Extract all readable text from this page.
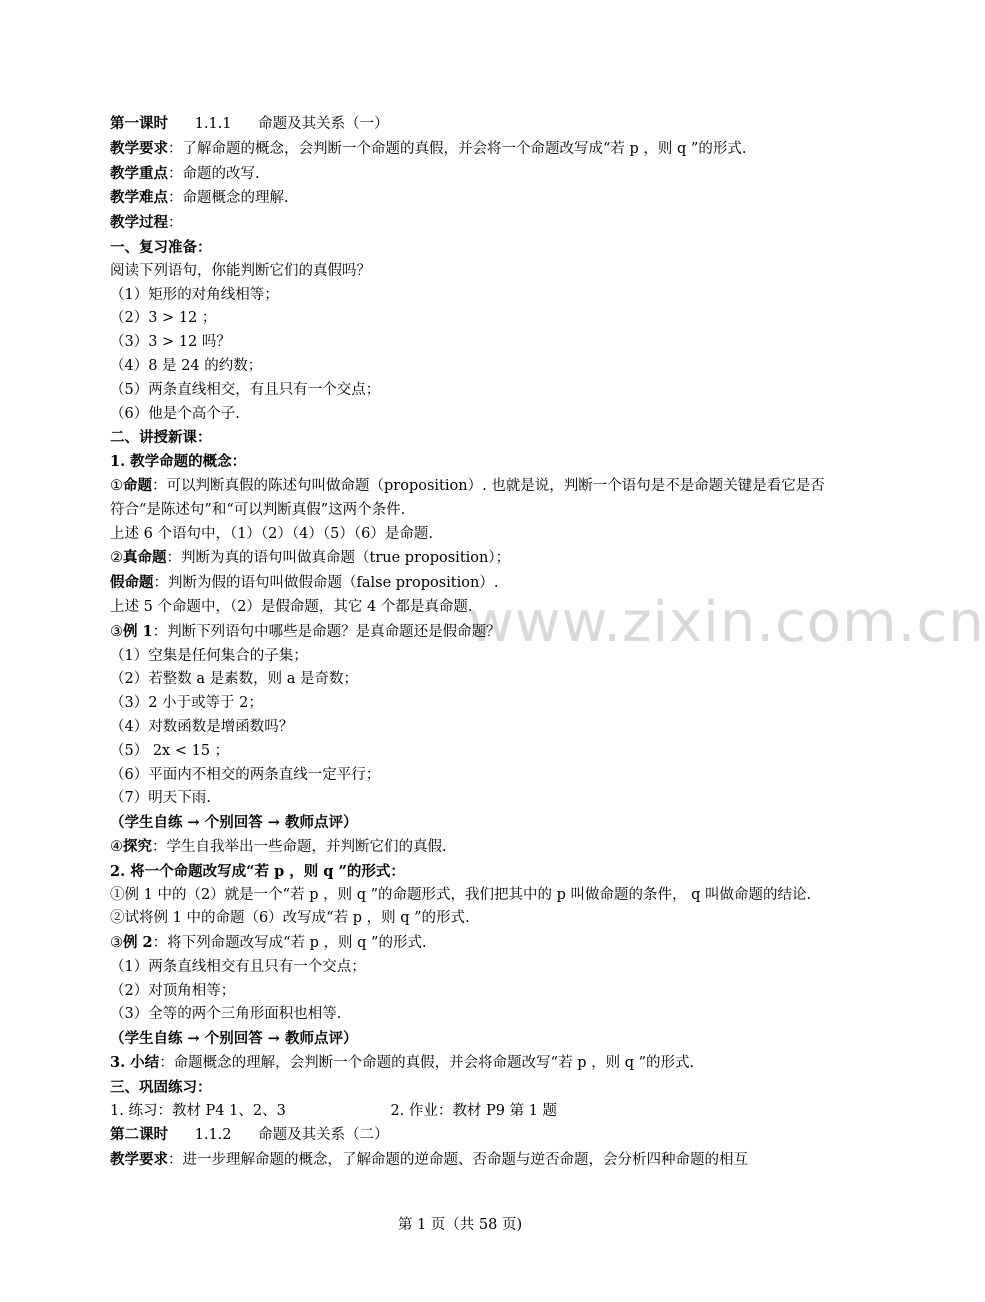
www.zixin.com.cn
第一课时 1.1.1 命题及其关系（一）
教学要求：了解命题的概念，会判断一个命题的真假，并会将一个命题改写成“若 p ，则 q ”的形式.
教学重点：命题的改写.
教学难点：命题概念的理解.
教学过程：
一、复习准备：
阅读下列语句，你能判断它们的真假吗？
（1）矩形的对角线相等；
（2）3 > 12 ；
（3）3 > 12 吗？
（4）8 是 24 的约数；
（5）两条直线相交，有且只有一个交点；
（6）他是个高个子.
二、讲授新课：
1. 教学命题的概念：
①命题：可以判断真假的陈述句叫做命题（proposition）. 也就是说，判断一个语句是不是命题关键是看它是否符合“是陈述句”和“可以判断真假”这两个条件.
上述 6 个语句中，（1）（2）（4）（5）（6）是命题.
②真命题：判断为真的语句叫做真命题（true proposition）；
假命题：判断为假的语句叫做假命题（false proposition）.
上述 5 个命题中，（2）是假命题，其它 4 个都是真命题.
③例 1：判断下列语句中哪些是命题？是真命题还是假命题？
（1）空集是任何集合的子集；
（2）若整数 a 是素数，则 a 是奇数；
（3）2 小于或等于 2；
（4）对数函数是增函数吗？
（5） 2x < 15 ；
（6）平面内不相交的两条直线一定平行；
（7）明天下雨.
（学生自练 → 个别回答 → 教师点评）
④探究：学生自我举出一些命题，并判断它们的真假.
2. 将一个命题改写成“若 p ，则 q ”的形式：
①例 1 中的（2）就是一个“若 p ，则 q ”的命题形式，我们把其中的 p 叫做命题的条件， q 叫做命题的结论.
②试将例 1 中的命题（6）改写成“若 p ，则 q ”的形式.
③例 2：将下列命题改写成“若 p ，则 q ”的形式.
（1）两条直线相交有且只有一个交点；
（2）对顶角相等；
（3）全等的两个三角形面积也相等.
（学生自练 → 个别回答 → 教师点评）
3. 小结：命题概念的理解，会判断一个命题的真假，并会将命题改写“若 p ，则 q ”的形式.
三、巩固练习：
1. 练习：教材 P4 1、2、3	2. 作业：教材 P9 第 1 题
第二课时 1.1.2 命题及其关系（二）
教学要求：进一步理解命题的概念，了解命题的逆命题、否命题与逆否命题，会分析四种命题的相互
第 1 页（共 58 页)
